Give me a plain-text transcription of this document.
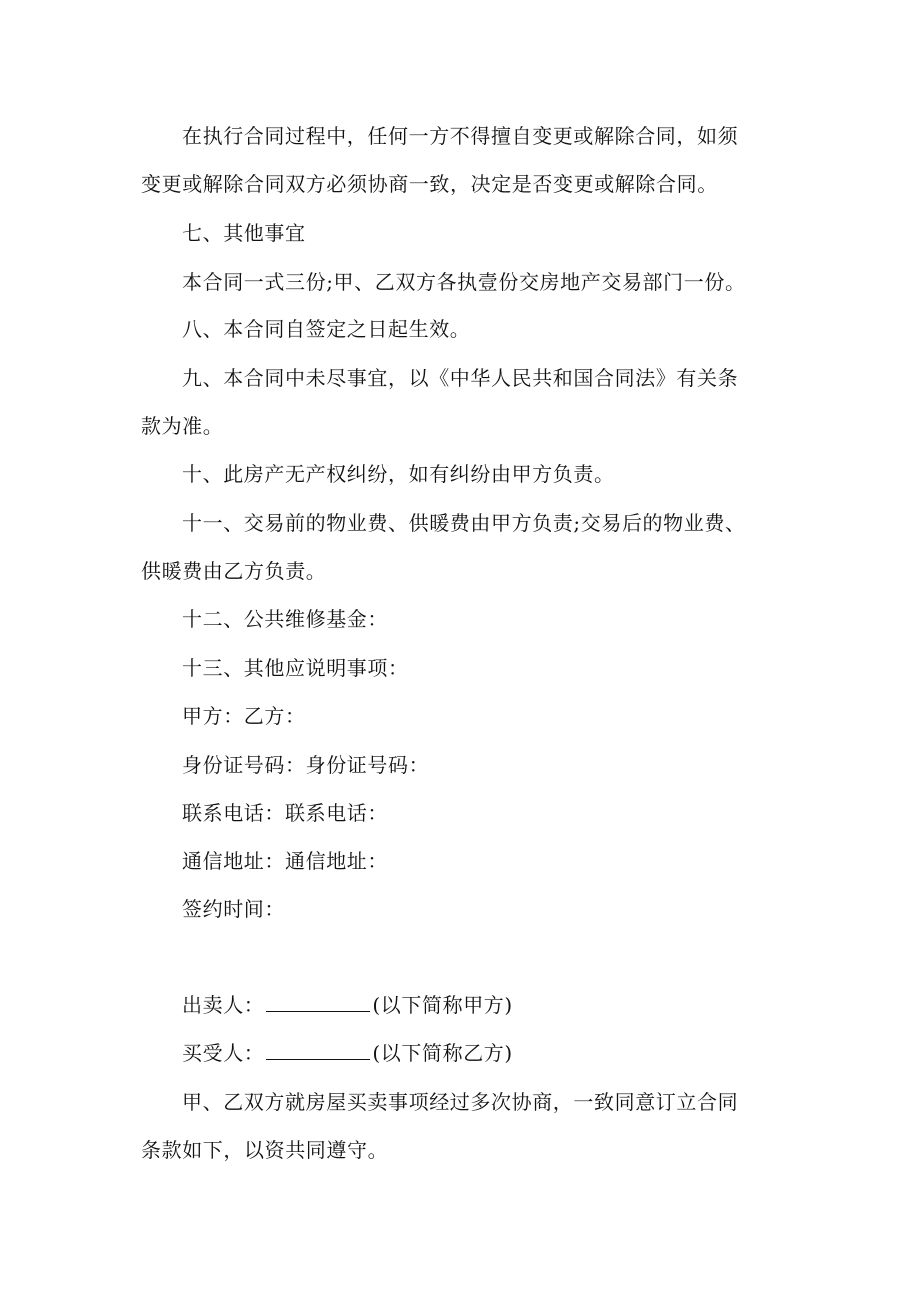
在执行合同过程中，任何一方不得擅自变更或解除合同，如须
变更或解除合同双方必须协商一致，决定是否变更或解除合同。
七、其他事宜
本合同一式三份;甲、乙双方各执壹份交房地产交易部门一份。
八、本合同自签定之日起生效。
九、本合同中未尽事宜，以《中华人民共和国合同法》有关条
款为准。
十、此房产无产权纠纷，如有纠纷由甲方负责。
十一、交易前的物业费、供暖费由甲方负责;交易后的物业费、
供暖费由乙方负责。
十二、公共维修基金：
十三、其他应说明事项：
甲方：乙方：
身份证号码：身份证号码：
联系电话：联系电话：
通信地址：通信地址：
签约时间：
出卖人：	(以下简称甲方)
买受人：	(以下简称乙方)
甲、乙双方就房屋买卖事项经过多次协商，一致同意订立合同
条款如下，以资共同遵守。
